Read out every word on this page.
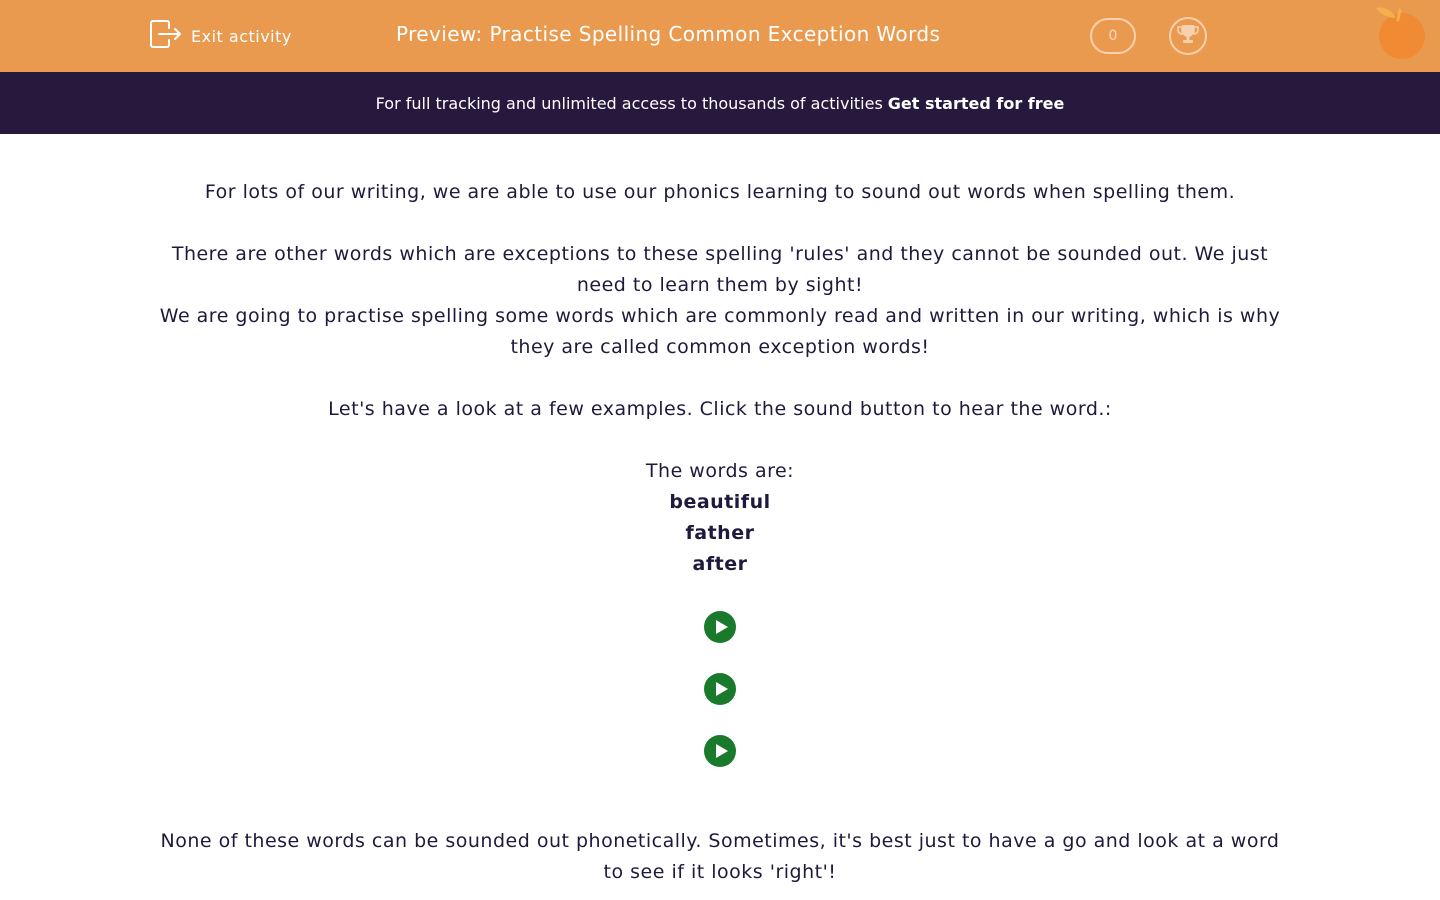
Exit activity	Preview: Practise Spelling Common Exception Words	0
For full tracking and unlimited access to thousands of activities Get started for free

For lots of our writing, we are able to use our phonics learning to sound out words when spelling them.

There are other words which are exceptions to these spelling 'rules' and they cannot be sounded out. We just need to learn them by sight!

We are going to practise spelling some words which are commonly read and written in our writing, which is why they are called common exception words!

Let's have a look at a few examples. Click the sound button to hear the word.:

The words are:

beautiful

father

after

None of these words can be sounded out phonetically. Sometimes, it's best just to have a go and look at a word to see if it looks 'right'!
